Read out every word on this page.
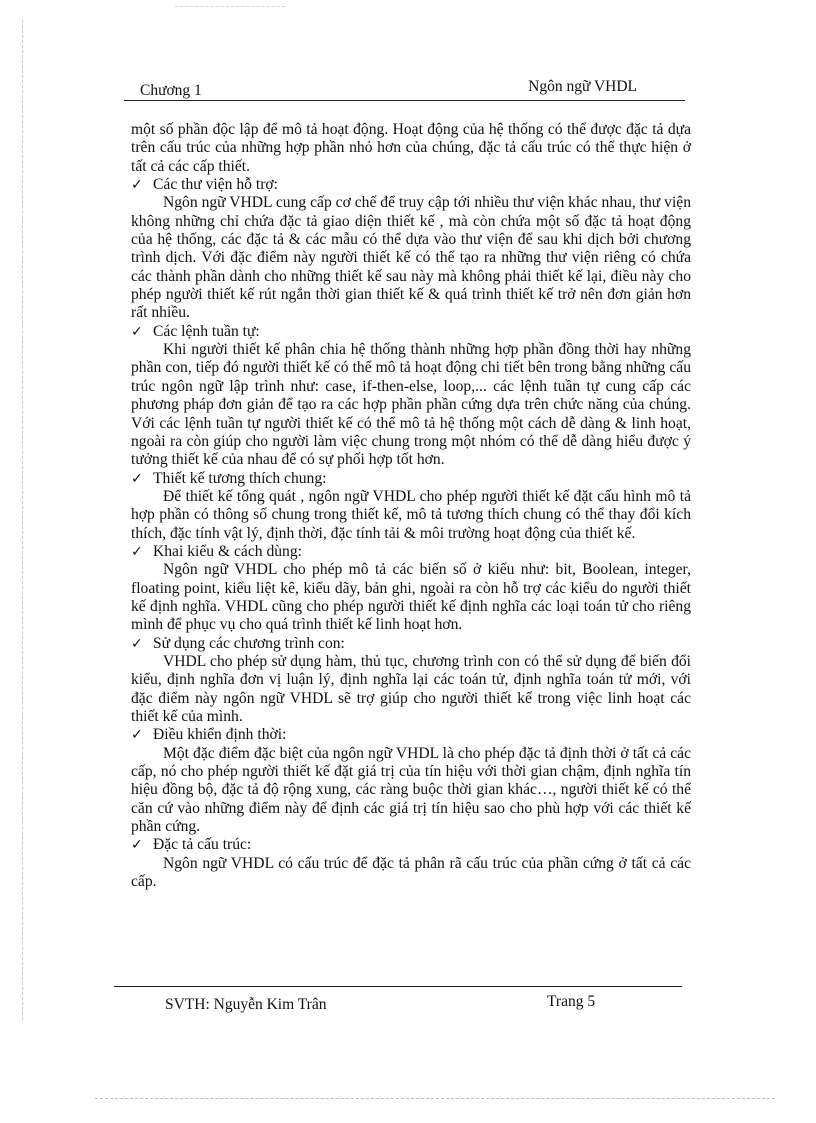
Chương 1	Ngôn ngữ VHDL

một số phần độc lập để mô tả hoạt động. Hoạt động của hệ thống có thể được đặc tả dựa trên cấu trúc của những hợp phần nhỏ hơn của chúng, đặc tả cấu trúc có thể thực hiện ở tất cả các cấp thiết.

✓ Các thư viện hỗ trợ:

Ngôn ngữ VHDL cung cấp cơ chế để truy cập tới nhiều thư viện khác nhau, thư viện không những chỉ chứa đặc tả giao diện thiết kế , mà còn chứa một số đặc tả hoạt động của hệ thống, các đặc tả & các mẫu có thể dựa vào thư viện để sau khi dịch bởi chương trình dịch. Với đặc điểm này người thiết kế có thể tạo ra những thư viện riêng có chứa các thành phần dành cho những thiết kế sau này mà không phải thiết kế lại, điều này cho phép người thiết kế rút ngắn thời gian thiết kế & quá trình thiết kế trở nên đơn giản hơn rất nhiều.

✓ Các lệnh tuần tự:

Khi người thiết kế phân chia hệ thống thành những hợp phần đồng thời hay những phần con, tiếp đó người thiết kế có thể mô tả hoạt động chi tiết bên trong bằng những cấu trúc ngôn ngữ lập trình như: case, if-then-else, loop,... các lệnh tuần tự cung cấp các phương pháp đơn giản để tạo ra các hợp phần phần cứng dựa trên chức năng của chúng. Với các lệnh tuần tự người thiết kế có thể mô tả hệ thống một cách dễ dàng & linh hoạt, ngoài ra còn giúp cho người làm việc chung trong một nhóm có thể dễ dàng hiểu được ý tưởng thiết kế của nhau để có sự phối hợp tốt hơn.

✓ Thiết kế tương thích chung:

Để thiết kế tổng quát , ngôn ngữ VHDL cho phép người thiết kế đặt cấu hình mô tả hợp phần có thông số chung trong thiết kế, mô tả tương thích chung có thể thay đổi kích thích, đặc tính vật lý, định thời, đặc tính tải & môi trường hoạt động của thiết kế.

✓ Khai kiểu & cách dùng:

Ngôn ngữ VHDL cho phép mô tả các biến số ở kiểu như: bit, Boolean, integer, floating point, kiểu liệt kê, kiểu dãy, bản ghi, ngoài ra còn hỗ trợ các kiểu do người thiết kế định nghĩa. VHDL cũng cho phép người thiết kế định nghĩa các loại toán tử cho riêng mình để phục vụ cho quá trình thiết kế linh hoạt hơn.

✓ Sử dụng các chương trình con:

VHDL cho phép sử dụng hàm, thủ tục, chương trình con có thể sử dụng để biến đổi kiểu, định nghĩa đơn vị luận lý, định nghĩa lại các toán tử, định nghĩa toán tử mới, với đặc điểm này ngôn ngữ VHDL sẽ trợ giúp cho người thiết kế trong việc linh hoạt các thiết kế của mình.

✓ Điều khiển định thời:

Một đặc điểm đặc biệt của ngôn ngữ VHDL là cho phép đặc tả định thời ở tất cả các cấp, nó cho phép người thiết kế đặt giá trị của tín hiệu với thời gian chậm, định nghĩa tín hiệu đồng bộ, đặc tả độ rộng xung, các ràng buộc thời gian khác…, người thiết kế có thể căn cứ vào những điểm này để định các giá trị tín hiệu sao cho phù hợp với các thiết kế phần cứng.

✓ Đặc tả cấu trúc:

Ngôn ngữ VHDL có cấu trúc để đặc tả phân rã cấu trúc của phần cứng ở tất cả các cấp.

SVTH: Nguyễn Kim Trân	Trang 5
